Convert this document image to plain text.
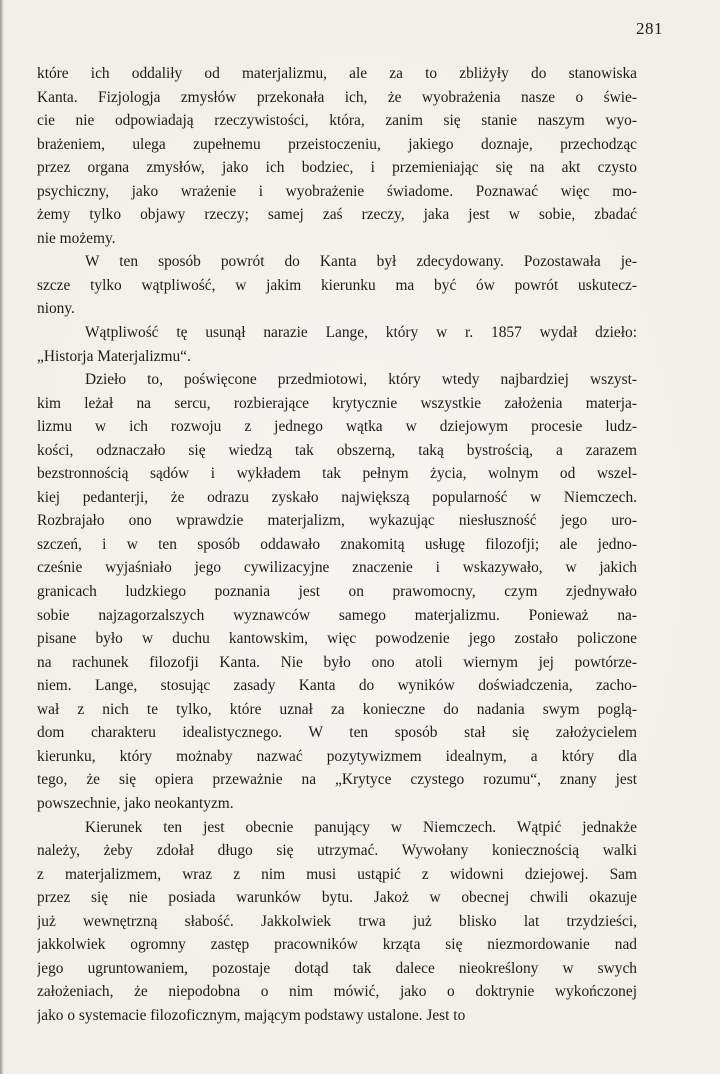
281
które ich oddaliły od materjalizmu, ale za to zbliżyły do stanowiska
Kanta. Fizjologja zmysłów przekonała ich, że wyobrażenia nasze o świe-
cie nie odpowiadają rzeczywistości, która, zanim się stanie naszym wyo-
brażeniem, ulega zupełnemu przeistoczeniu, jakiego doznaje, przechodząc
przez organa zmysłów, jako ich bodziec, i przemieniając się na akt czysto
psychiczny, jako wrażenie i wyobrażenie świadome. Poznawać więc mo-
żemy tylko objawy rzeczy; samej zaś rzeczy, jaka jest w sobie, zbadać
nie możemy.
W ten sposób powrót do Kanta był zdecydowany. Pozostawała je-
szcze tylko wątpliwość, w jakim kierunku ma być ów powrót uskutecz-
niony.
Wątpliwość tę usunął narazie Lange, który w r. 1857 wydał dzieło:
„Historja Materjalizmu“.
Dzieło to, poświęcone przedmiotowi, który wtedy najbardziej wszyst-
kim leżał na sercu, rozbierające krytycznie wszystkie założenia materja-
lizmu w ich rozwoju z jednego wątka w dziejowym procesie ludz-
kości, odznaczało się wiedzą tak obszerną, taką bystrością, a zarazem
bezstronnością sądów i wykładem tak pełnym życia, wolnym od wszel-
kiej pedanterji, że odrazu zyskało największą popularność w Niemczech.
Rozbrajało ono wprawdzie materjalizm, wykazując niesłuszność jego uro-
szczeń, i w ten sposób oddawało znakomitą usługę filozofji; ale jedno-
cześnie wyjaśniało jego cywilizacyjne znaczenie i wskazywało, w jakich
granicach ludzkiego poznania jest on prawomocny, czym zjednywało
sobie najzagorzalszych wyznawców samego materjalizmu. Ponieważ na-
pisane było w duchu kantowskim, więc powodzenie jego zostało policzone
na rachunek filozofji Kanta. Nie było ono atoli wiernym jej powtórze-
niem. Lange, stosując zasady Kanta do wyników doświadczenia, zacho-
wał z nich te tylko, które uznał za konieczne do nadania swym poglą-
dom charakteru idealistycznego. W ten sposób stał się założycielem
kierunku, który możnaby nazwać pozytywizmem idealnym, a który dla
tego, że się opiera przeważnie na „Krytyce czystego rozumu“, znany jest
powszechnie, jako neokantyzm.
Kierunek ten jest obecnie panujący w Niemczech. Wątpić jednakże
należy, żeby zdołał długo się utrzymać. Wywołany koniecznością walki
z materjalizmem, wraz z nim musi ustąpić z widowni dziejowej. Sam
przez się nie posiada warunków bytu. Jakoż w obecnej chwili okazuje
już wewnętrzną słabość. Jakkolwiek trwa już blisko lat trzydzieści,
jakkolwiek ogromny zastęp pracowników krząta się niezmordowanie nad
jego ugruntowaniem, pozostaje dotąd tak dalece nieokreślony w swych
założeniach, że niepodobna o nim mówić, jako o doktrynie wykończonej
jako o systemacie filozoficznym, mającym podstawy ustalone. Jest to
